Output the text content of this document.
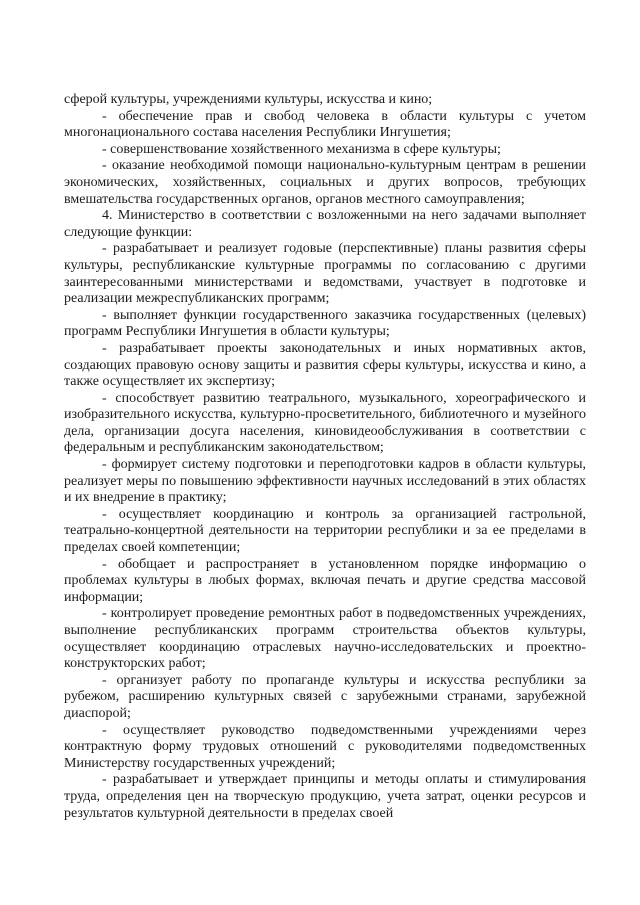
сферой культуры, учреждениями культуры, искусства и кино;

- обеспечение прав и свобод человека в области культуры с учетом многонационального состава населения Республики Ингушетия;

- совершенствование хозяйственного механизма в сфере культуры;

- оказание необходимой помощи национально-культурным центрам в решении экономических, хозяйственных, социальных и других вопросов, требующих вмешательства государственных органов, органов местного самоуправления;

4. Министерство в соответствии с возложенными на него задачами выполняет следующие функции:

- разрабатывает и реализует годовые (перспективные) планы развития сферы культуры, республиканские культурные программы по согласованию с другими заинтересованными министерствами и ведомствами, участвует в подготовке и реализации межреспубликанских программ;

- выполняет функции государственного заказчика государственных (целевых) программ Республики Ингушетия в области культуры;

- разрабатывает проекты законодательных и иных нормативных актов, создающих правовую основу защиты и развития сферы культуры, искусства и кино, а также осуществляет их экспертизу;

- способствует развитию театрального, музыкального, хореографического и изобразительного искусства, культурно-просветительного, библиотечного и музейного дела, организации досуга населения, киновидеообслуживания в соответствии с федеральным и республиканским законодательством;

- формирует систему подготовки и переподготовки кадров в области культуры, реализует меры по повышению эффективности научных исследований в этих областях и их внедрение в практику;

- осуществляет координацию и контроль за организацией гастрольной, театрально-концертной деятельности на территории республики и за ее пределами в пределах своей компетенции;

- обобщает и распространяет в установленном порядке информацию о проблемах культуры в любых формах, включая печать и другие средства массовой информации;

- контролирует проведение ремонтных работ в подведомственных учреждениях, выполнение республиканских программ строительства объектов культуры, осуществляет координацию отраслевых научно-исследовательских и проектно-конструкторских работ;

- организует работу по пропаганде культуры и искусства республики за рубежом, расширению культурных связей с зарубежными странами, зарубежной диаспорой;

- осуществляет руководство подведомственными учреждениями через контрактную форму трудовых отношений с руководителями подведомственных Министерству государственных учреждений;

- разрабатывает и утверждает принципы и методы оплаты и стимулирования труда, определения цен на творческую продукцию, учета затрат, оценки ресурсов и результатов культурной деятельности в пределах своей
